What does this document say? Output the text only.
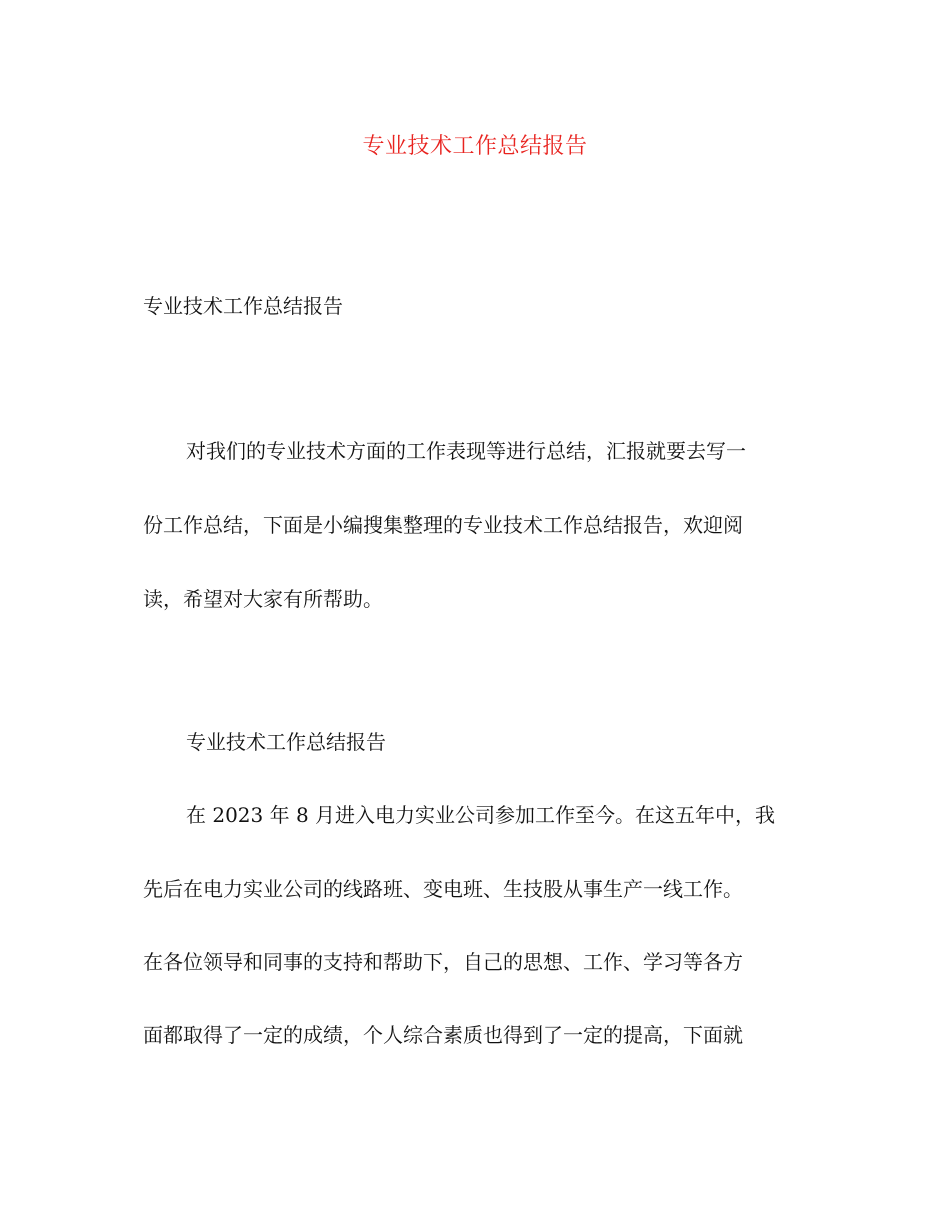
专业技术工作总结报告
专业技术工作总结报告
对我们的专业技术方面的工作表现等进行总结，汇报就要去写一
份工作总结，下面是小编搜集整理的专业技术工作总结报告，欢迎阅
读，希望对大家有所帮助。
专业技术工作总结报告
在 2023 年 8 月进入电力实业公司参加工作至今。在这五年中，我
先后在电力实业公司的线路班、变电班、生技股从事生产一线工作。
在各位领导和同事的支持和帮助下，自己的思想、工作、学习等各方
面都取得了一定的成绩，个人综合素质也得到了一定的提高，下面就
